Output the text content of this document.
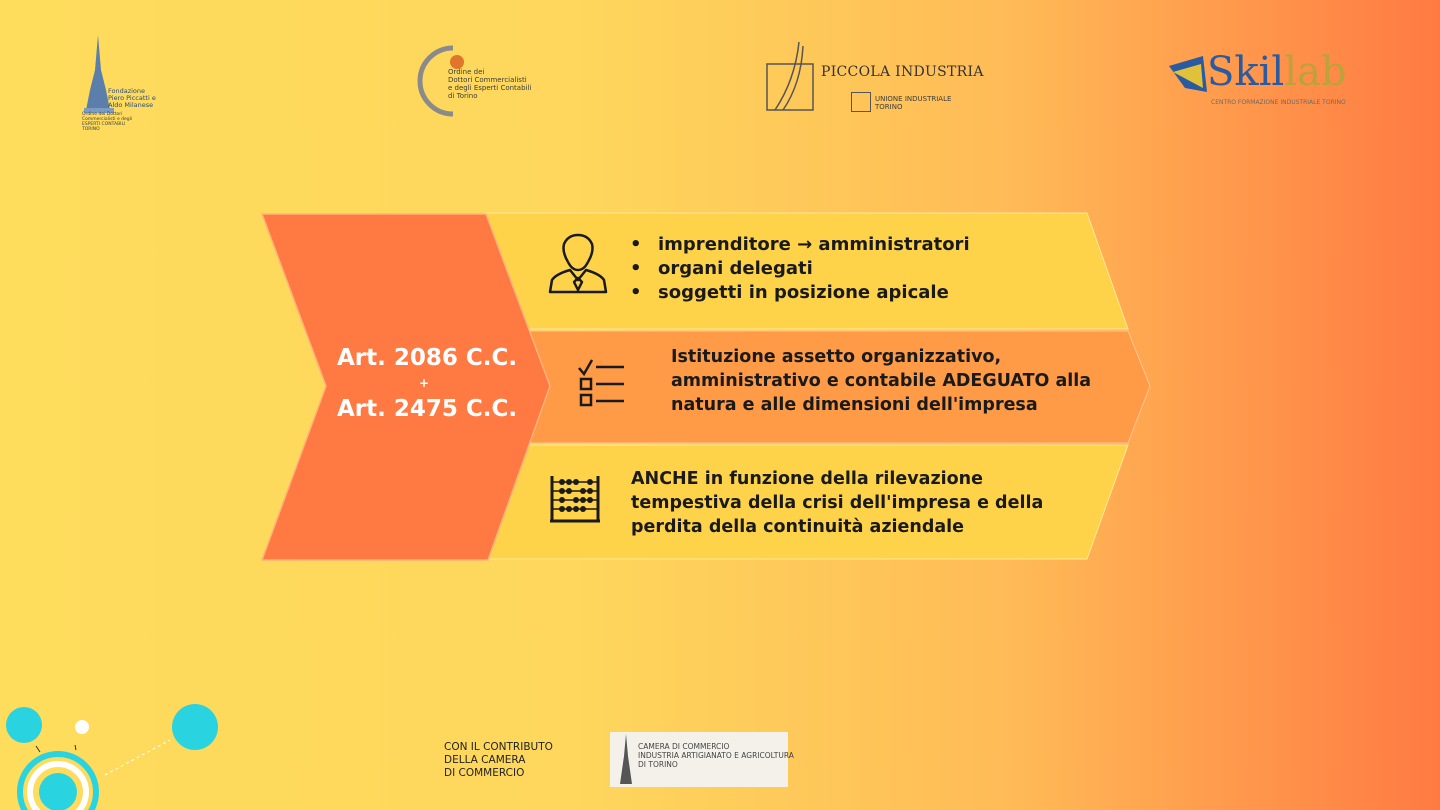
Fondazione
Piero Piccatti e
Aldo Milanese
Ordine dei Dottori
Commercialisti e degli
ESPERTI CONTABILI
TORINO
Ordine dei
Dottori Commercialisti
e degli Esperti Contabili
di Torino
PICCOLA INDUSTRIA
UNIONE INDUSTRIALE
TORINO
Skillab
CENTRO FORMAZIONE INDUSTRIALE TORINO
Art. 2086 C.C.
+
Art. 2475 C.C.
• imprenditore → amministratori
• organi delegati
• soggetti in posizione apicale
Istituzione assetto organizzativo,
amministrativo e contabile ADEGUATO alla
natura e alle dimensioni dell'impresa
ANCHE in funzione della rilevazione
tempestiva della crisi dell'impresa e della
perdita della continuità aziendale
CON IL CONTRIBUTO
DELLA CAMERA
DI COMMERCIO
CAMERA DI COMMERCIO
INDUSTRIA ARTIGIANATO E AGRICOLTURA
DI TORINO
